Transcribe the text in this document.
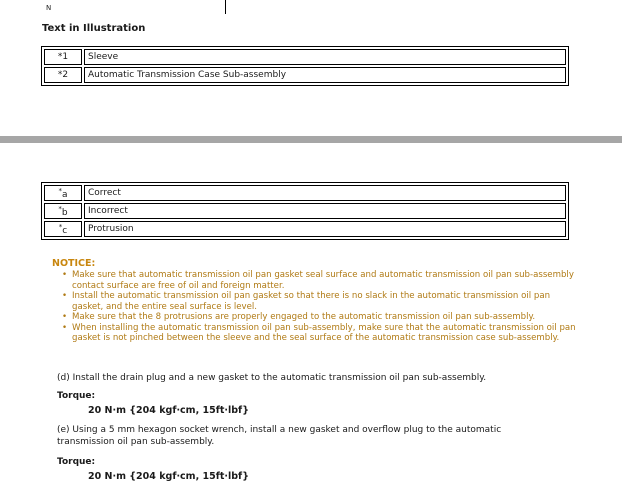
N
Text in Illustration
*1	Sleeve
*2	Automatic Transmission Case Sub-assembly
*a	Correct
*b	Incorrect
*c	Protrusion
NOTICE:
• Make sure that automatic transmission oil pan gasket seal surface and automatic transmission oil pan sub-assembly contact surface are free of oil and foreign matter.
• Install the automatic transmission oil pan gasket so that there is no slack in the automatic transmission oil pan gasket, and the entire seal surface is level.
• Make sure that the 8 protrusions are properly engaged to the automatic transmission oil pan sub-assembly.
• When installing the automatic transmission oil pan sub-assembly, make sure that the automatic transmission oil pan gasket is not pinched between the sleeve and the seal surface of the automatic transmission case sub-assembly.
(d) Install the drain plug and a new gasket to the automatic transmission oil pan sub-assembly.
Torque:
20 N·m {204 kgf·cm, 15ft·lbf}
(e) Using a 5 mm hexagon socket wrench, install a new gasket and overflow plug to the automatic transmission oil pan sub-assembly.
Torque:
20 N·m {204 kgf·cm, 15ft·lbf}
